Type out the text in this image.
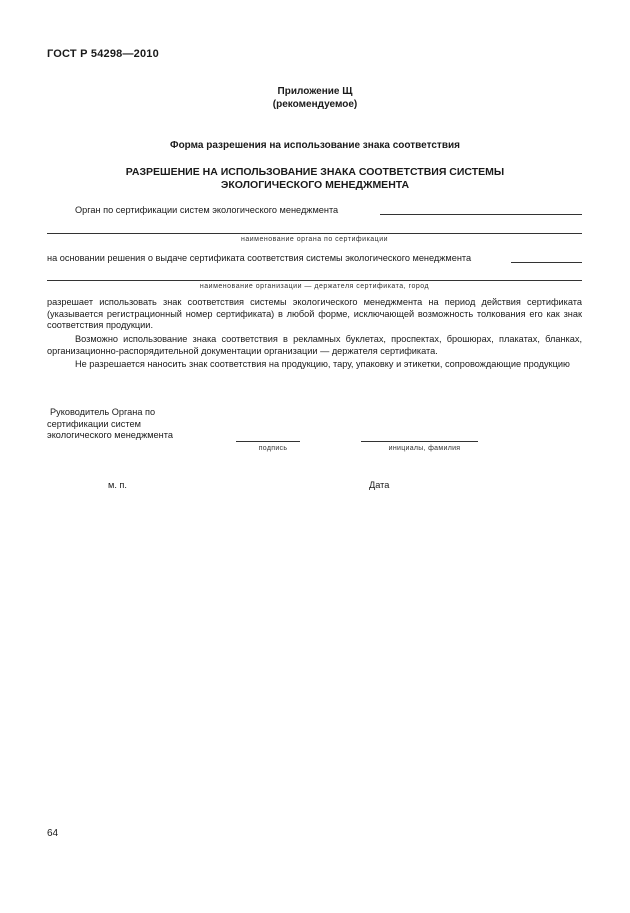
ГОСТ Р 54298—2010
Приложение Щ
(рекомендуемое)
Форма разрешения на использование знака соответствия
РАЗРЕШЕНИЕ НА ИСПОЛЬЗОВАНИЕ ЗНАКА СООТВЕТСТВИЯ СИСТЕМЫ
ЭКОЛОГИЧЕСКОГО МЕНЕДЖМЕНТА
Орган по сертификации систем экологического менеджмента
наименование органа по сертификации
на основании решения о выдаче сертификата соответствия системы экологического менеджмента
наименование организации — держателя сертификата, город

разрешает использовать знак соответствия системы экологического менеджмента на период действия сертификата (указывается регистрационный номер сертификата) в любой форме, исключающей возможность толкования его как знак соответствия продукции.

Возможно использование знака соответствия в рекламных буклетах, проспектах, брошюрах, плакатах, бланках, организационно-распорядительной документации организации — держателя сертификата.

Не разрешается наносить знак соответствия на продукцию, тару, упаковку и этикетки, сопровождающие продукцию

Руководитель Органа по
сертификации систем
экологического менеджмента
подпись	инициалы, фамилия
м. п.	Дата
64
